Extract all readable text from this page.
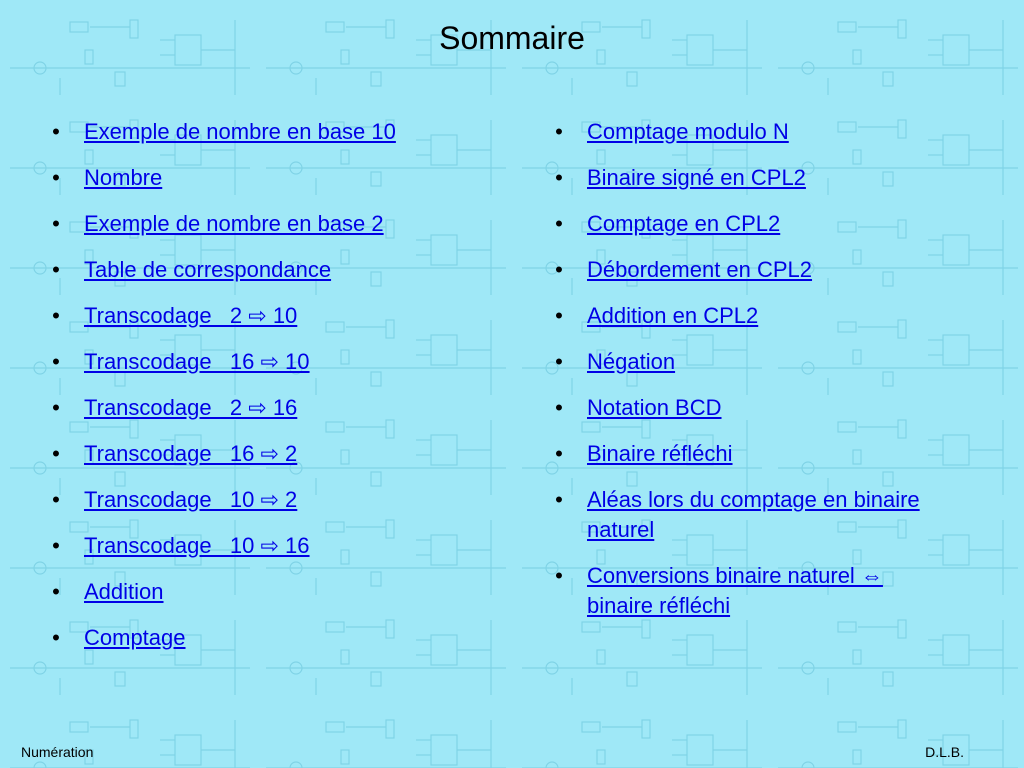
Sommaire
• Exemple de nombre en base 10
• Nombre
• Exemple de nombre en base 2
• Table de correspondance
• Transcodage   2 ⇨ 10
• Transcodage   16 ⇨ 10
• Transcodage   2 ⇨ 16
• Transcodage   16 ⇨ 2
• Transcodage   10 ⇨ 2
• Transcodage   10 ⇨ 16
• Addition
• Comptage
• Comptage modulo N
• Binaire signé en CPL2
• Comptage en CPL2
• Débordement en CPL2
• Addition en CPL2
• Négation
• Notation BCD
• Binaire réfléchi
• Aléas lors du comptage en binaire naturel
• Conversions binaire naturel ⇔ binaire réfléchi
Numération	D.L.B.
